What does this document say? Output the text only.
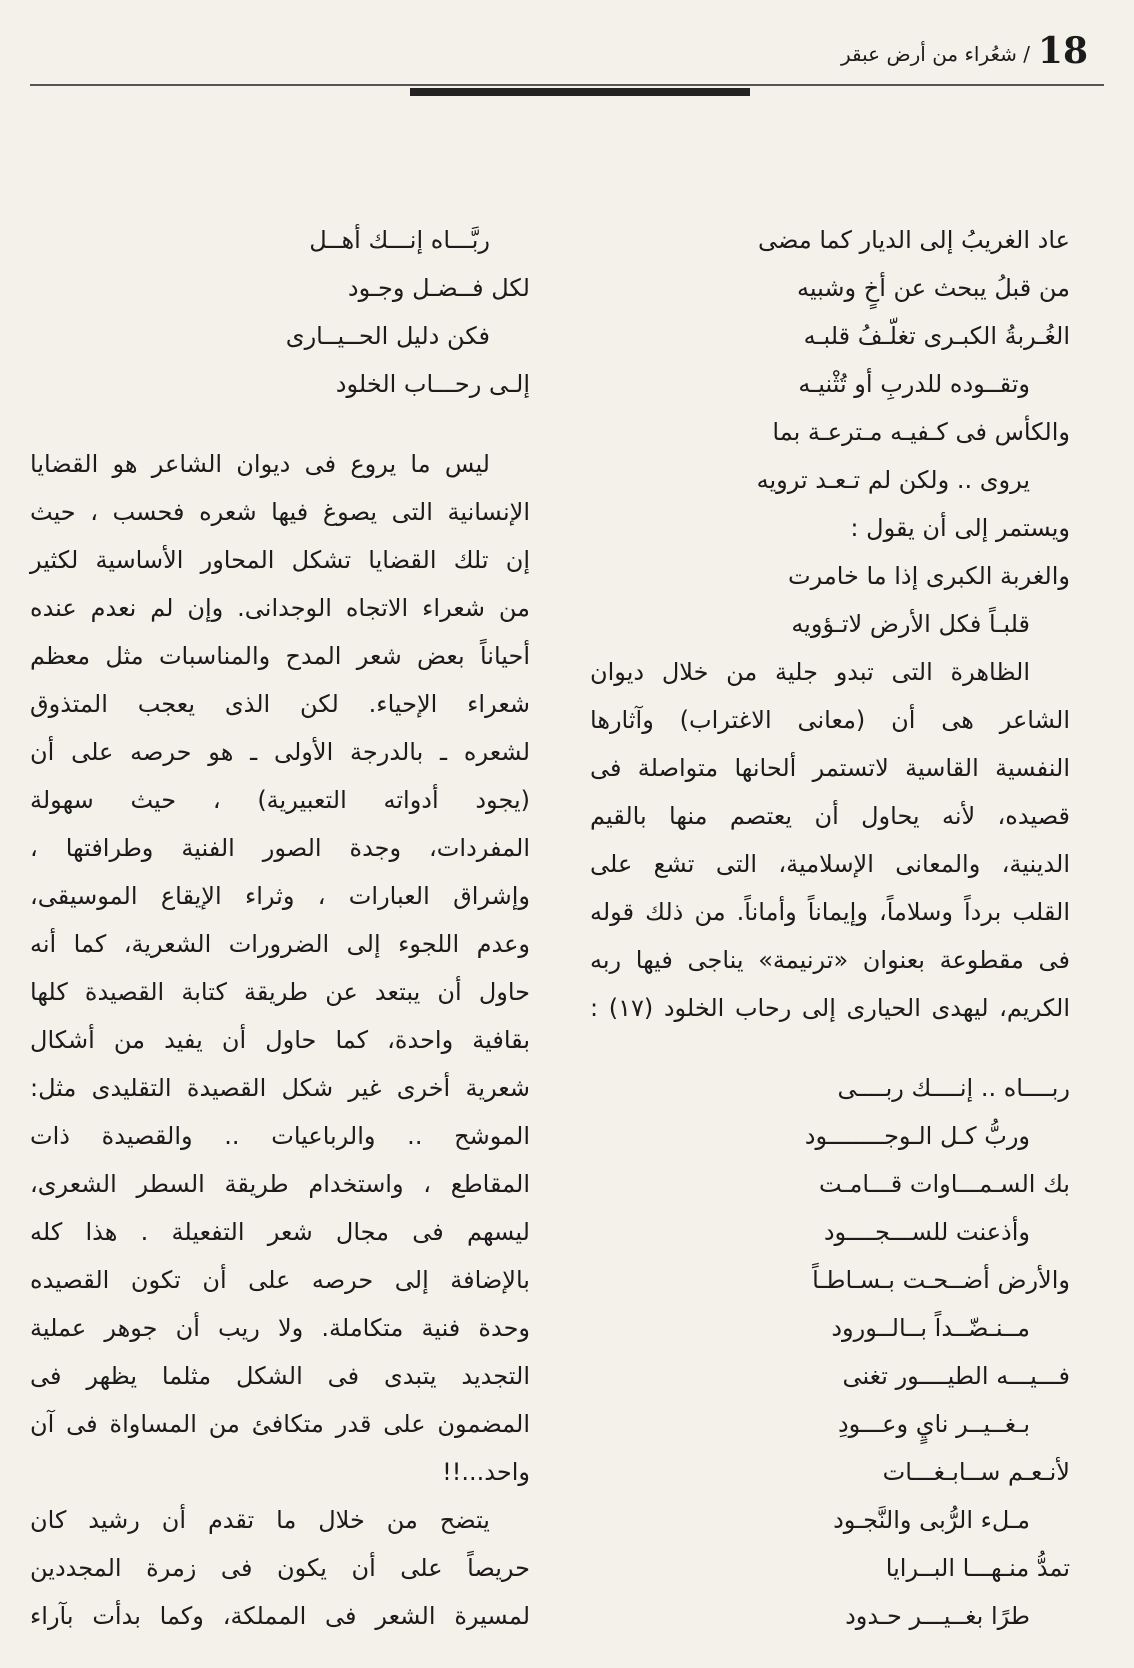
18
/ شعُراء من أرض عبقر
عاد الغريبُ إلى الديار كما مضى
من قبلُ يبحث عن أخٍ وشبيه
الغُـربةُ الكبـرى تغلّـفُ قلبـه
وتقــوده للدربِ أو تُثْنيـه
والكأس فى كـفيـه مـترعـة بما
يروى .. ولكن لم تـعـد ترويه
ويستمر إلى أن يقول :
والغربة الكبرى إذا ما خامرت
قلبـاً فكل الأرض لاتـؤويه
الظاهرة التى تبدو جلية من خلال ديوان
الشاعر هى أن (معانى الاغتراب) وآثارها
النفسية القاسية لاتستمر ألحانها متواصلة فى
قصيده، لأنه يحاول أن يعتصم منها بالقيم
الدينية، والمعانى الإسلامية، التى تشع على
القلب برداً وسلاماً، وإيماناً وأماناً. من ذلك قوله
فى مقطوعة بعنوان «ترنيمة» يناجى فيها ربه
الكريم، ليهدى الحيارى إلى رحاب الخلود (١٧) :
ربــــاه .. إنــــك ربــــى
وربُّ كـل الـوجــــــــود
بك السـمـــاوات قـــامـت
وأذعنت للســـجــــود
والأرض أضــحـت بـسـاطـاً
مــنـضّــداً بــالــورود
فـــيـــه الطيــــور تغنى
بـغــيــر نايٍ وعـــودِ
لأنـعـم ســابـغـــات
مـلء الرُّبى والنَّجـود
تمدُّ منـهـــا البــرايا
طرًا بغــيـــر حـدود
ربَّـــاه إنـــك أهــل
لكل فــضـل وجـود
فكن دليل الحــيــارى
إلـى رحـــاب الخلود
ليس ما يروع فى ديوان الشاعر هو القضايا
الإنسانية التى يصوغ فيها شعره فحسب ، حيث
إن تلك القضايا تشكل المحاور الأساسية لكثير
من شعراء الاتجاه الوجدانى. وإن لم نعدم عنده
أحياناً بعض شعر المدح والمناسبات مثل معظم
شعراء الإحياء. لكن الذى يعجب المتذوق
لشعره ـ بالدرجة الأولى ـ هو حرصه على أن
(يجود أدواته التعبيرية) ، حيث سهولة
المفردات، وجدة الصور الفنية وطرافتها ،
وإشراق العبارات ، وثراء الإيقاع الموسيقى،
وعدم اللجوء إلى الضرورات الشعرية، كما أنه
حاول أن يبتعد عن طريقة كتابة القصيدة كلها
بقافية واحدة، كما حاول أن يفيد من أشكال
شعرية أخرى غير شكل القصيدة التقليدى مثل:
الموشح .. والرباعيات .. والقصيدة ذات
المقاطع ، واستخدام طريقة السطر الشعرى،
ليسهم فى مجال شعر التفعيلة . هذا كله
بالإضافة إلى حرصه على أن تكون القصيده
وحدة فنية متكاملة. ولا ريب أن جوهر عملية
التجديد يتبدى فى الشكل مثلما يظهر فى
المضمون على قدر متكافئ من المساواة فى آن
واحد...!!
يتضح من خلال ما تقدم أن رشيد كان
حريصاً على أن يكون فى زمرة المجددين
لمسيرة الشعر فى المملكة، وكما بدأت بآراء
